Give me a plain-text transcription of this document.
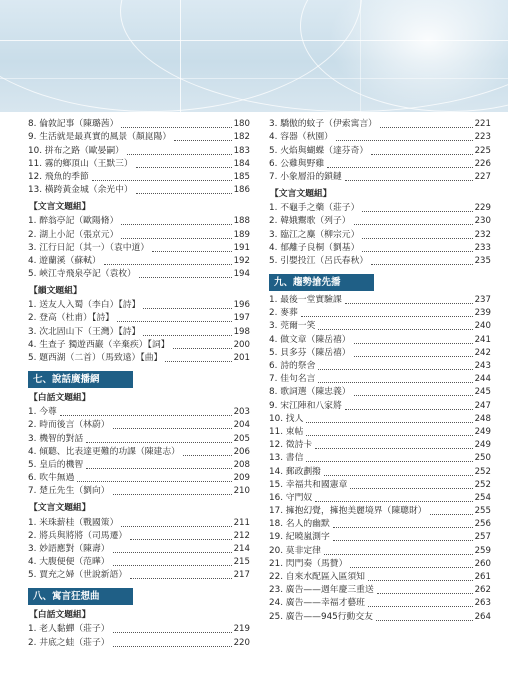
8. 倫敦記事（陳璐茜）	180
9. 生活就是最真實的風景（顏崑陽）	182
10. 拼布之路（歐晏嗣）	183
11. 霧的鄉頂山（王默三）	184
12. 飛魚的季節	185
13. 橫跨黃金城（余光中）	186
【文言文題組】
1. 醉翁亭記（歐陽脩）	188
2. 湖上小記（張京元）	189
3. 江行日記（其一）（袁中道）	191
4. 遊蘭溪（蘇軾）	192
5. 峽江寺飛泉亭記（袁枚）	194
【韻文題組】
1. 送友人入蜀（李白）【詩】	196
2. 登高（杜甫）【詩】	197
3. 次北固山下（王灣）【詩】	198
4. 生查子 獨遊西巖（辛棄疾）【詞】	200
5. 題西湖（二首）（馬致遠）【曲】	201
七、說話廣播網
【白話文題組】
1. 今尊	203
2. 時而後言（林蔚）	204
3. 機智的對話	205
4. 傾聽、比表達更難的功課（陳建志）	206
5. 皇后的機智	208
6. 吹牛無過	209
7. 楚丘先生（劉向）	210
【文言文題組】
1. 米珠薪桂（戰國策）	211
2. 將兵與將將（司馬遷）	212
3. 妙語應對（陳壽）	214
4. 大腹便便（范曄）	215
5. 賈充之婦（世說新語）	217
八、寓言狂想曲
【白話文題組】
1. 老人黏蟬（莊子）	219
2. 井底之蛙（莊子）	220
3. 驕傲的蚊子（伊索寓言）	221
4. 容器（秋園）	223
5. 火焰與蝴蝶（達芬奇）	225
6. 公雞與野雞	226
7. 小象層沿的鎖鏈	227
【文言文題組】
1. 不龜手之藥（莊子）	229
2. 韓娥鬻歌（列子）	230
3. 臨江之麋（柳宗元）	232
4. 郁離子良桐（劉基）	233
5. 引嬰投江（呂氏春秋）	235
九、趨勢搶先播
1. 最後一堂實驗課	237
2. 麥葬	239
3. 莞爾一笑	240
4. 做文章（陳岳禧）	241
5. 貝多芬（陳岳禧）	242
6. 詩的祭舍	243
7. 佳句名言	244
8. 歌詞選（陳忠義）	245
9. 宋江陣和八家將	247
10. 找人	248
11. 束帖	249
12. 徵詩卡	249
13. 書信	250
14. 郵政劃撥	252
15. 幸福共和國憲章	252
16. 守門奴	254
17. 擁抱幻覺，擁抱美麗境界（陳聰財）	255
18. 名人的幽默	256
19. 紀曉嵐測字	257
20. 莫非定律	259
21. 閃門奏（馬贊）	260
22. 自來水配區入區須知	261
23. 廣告——週年慶三重送	262
24. 廣告——幸福才藝班	263
25. 廣告——945行動交友	264
